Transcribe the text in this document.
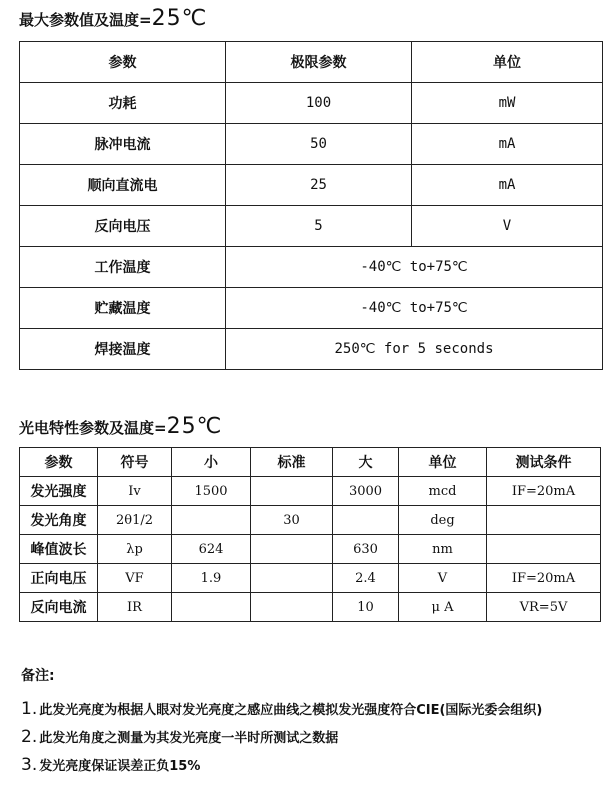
最大参数值及温度=25℃
参数	极限参数	单位
功耗	100	mW
脉冲电流	50	mA
顺向直流电	25	mA
反向电压	5	V
工作温度	-40℃ to+75℃	
贮藏温度	-40℃ to+75℃	
焊接温度	250℃ for 5 seconds	
光电特性参数及温度=25℃
参数	符号	小	标准	大	单位	测试条件
发光强度	Iv	1500		3000	mcd	IF=20mA
发光角度	2θ1/2		30		deg	
峰值波长	λp	624		630	nm	
正向电压	VF	1.9		2.4	V	IF=20mA
反向电流	IR			10	μ A	VR=5V
备注:
1. 此发光亮度为根据人眼对发光亮度之感应曲线之模拟发光强度符合CIE(国际光委会组织)
2. 此发光角度之测量为其发光亮度一半时所测试之数据
3. 发光亮度保证误差正负15%
